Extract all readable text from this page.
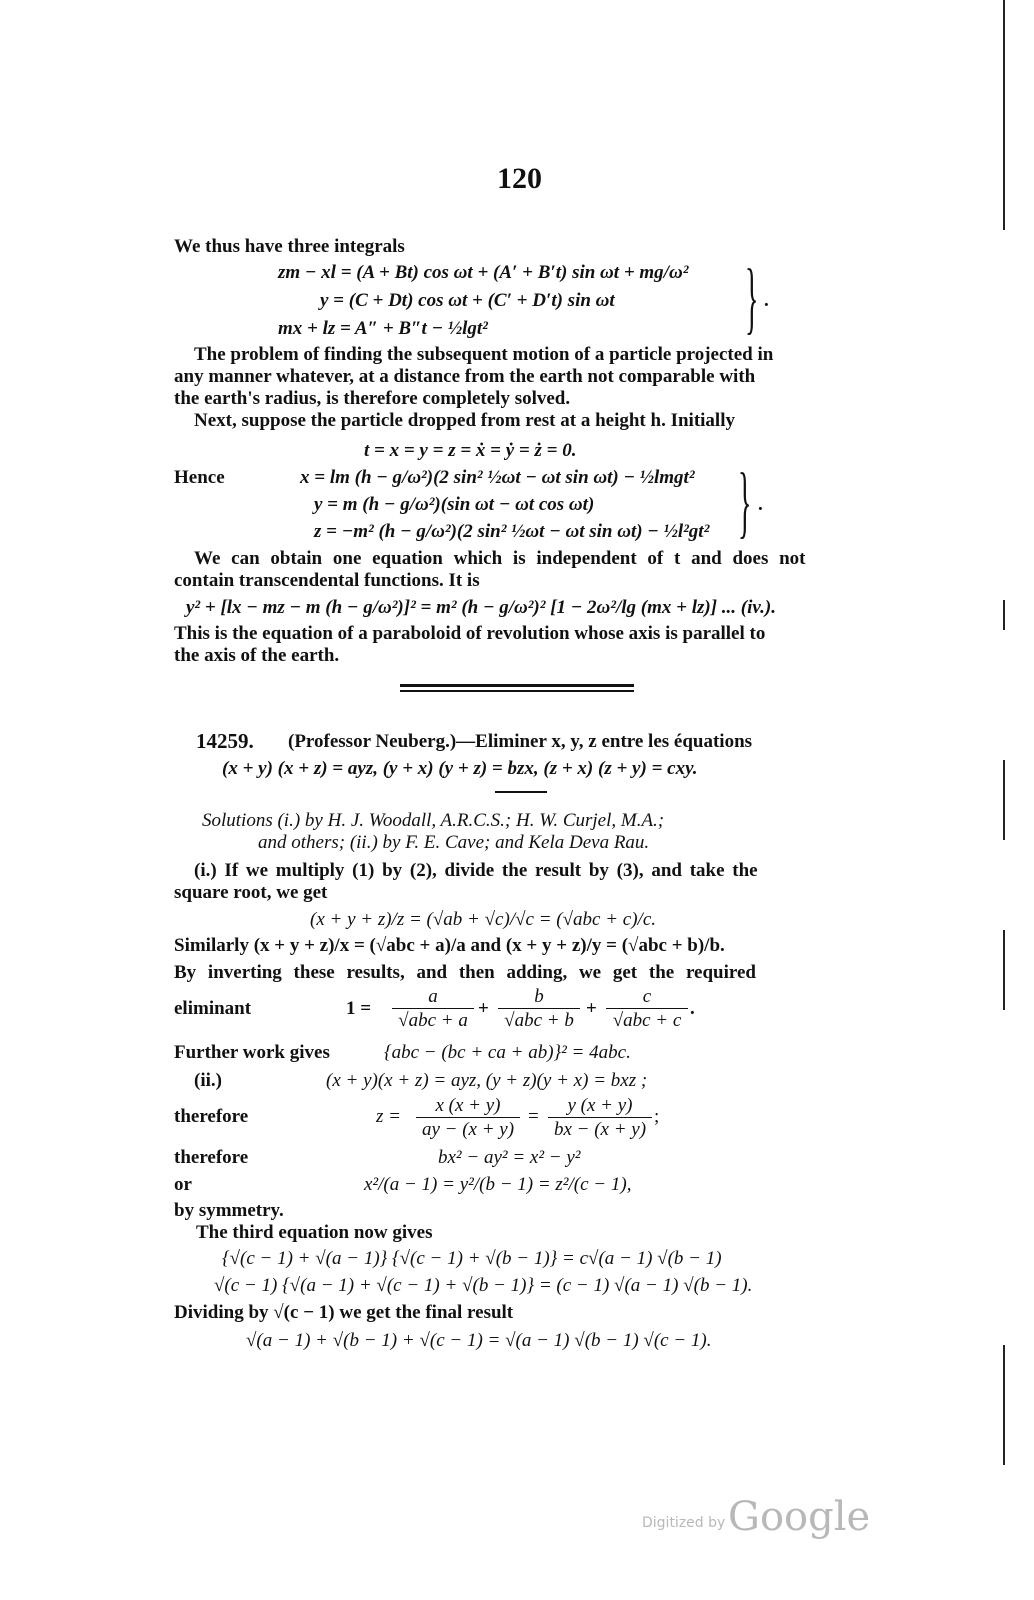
120
We thus have three integrals
zm − xl = (A + Bt) cos ωt + (A′ + B′t) sin ωt + mg/ω²
y = (C + Dt) cos ωt + (C′ + D′t) sin ωt
mx + lz = A″ + B″t − ½lgt²	} .
The problem of finding the subsequent motion of a particle projected in
any manner whatever, at a distance from the earth not comparable with
the earth's radius, is therefore completely solved.
Next, suppose the particle dropped from rest at a height h. Initially
t = x = y = z = ẋ = ẏ = ż = 0.
Hence	x = lm (h − g/ω²)(2 sin² ½ωt − ωt sin ωt) − ½lmgt²
y = m (h − g/ω²)(sin ωt − ωt cos ωt)
z = −m² (h − g/ω²)(2 sin² ½ωt − ωt sin ωt) − ½l²gt² } .
We can obtain one equation which is independent of t and does not
contain transcendental functions. It is
y² + [lx − mz − m (h − g/ω²)]² = m² (h − g/ω²)² [1 − 2ω²/lg (mx + lz)] ... (iv.).
This is the equation of a paraboloid of revolution whose axis is parallel to
the axis of the earth.
14259. (Professor Neuberg.)—Eliminer x, y, z entre les équations
(x + y) (x + z) = ayz, (y + x) (y + z) = bzx, (z + x) (z + y) = cxy.
Solutions (i.) by H. J. Woodall, A.R.C.S.; H. W. Curjel, M.A.;
and others; (ii.) by F. E. Cave; and Kela Deva Rau.
(i.) If we multiply (1) by (2), divide the result by (3), and take the
square root, we get
(x + y + z)/z = (√ab + √c)/√c = (√abc + c)/c.
Similarly (x + y + z)/x = (√abc + a)/a and (x + y + z)/y = (√abc + b)/b.
By inverting these results, and then adding, we get the required
eliminant	1 =
a
√abc + a
+
b
√abc + b
+
c
√abc + c
.
Further work gives	{abc − (bc + ca + ab)}² = 4abc.
(ii.)	(x + y)(x + z) = ayz, (y + z)(y + x) = bxz ;
therefore	$z = \frac{x (x + y)}{ay - (x + y)} = \frac{y (x + y)}{bx - (x + y)}$ ;
therefore	bx² − ay² = x² − y²
or	x²/(a − 1) = y²/(b − 1) = z²/(c − 1),
by symmetry.
The third equation now gives
{√(c − 1) + √(a − 1)} {√(c − 1) + √(b − 1)} = c√(a − 1) √(b − 1)
√(c − 1) {√(a − 1) + √(c − 1) + √(b − 1)} = (c − 1) √(a − 1) √(b − 1).
Dividing by √(c − 1) we get the final result
√(a − 1) + √(b − 1) + √(c − 1) = √(a − 1) √(b − 1) √(c − 1).
Digitized by Google
